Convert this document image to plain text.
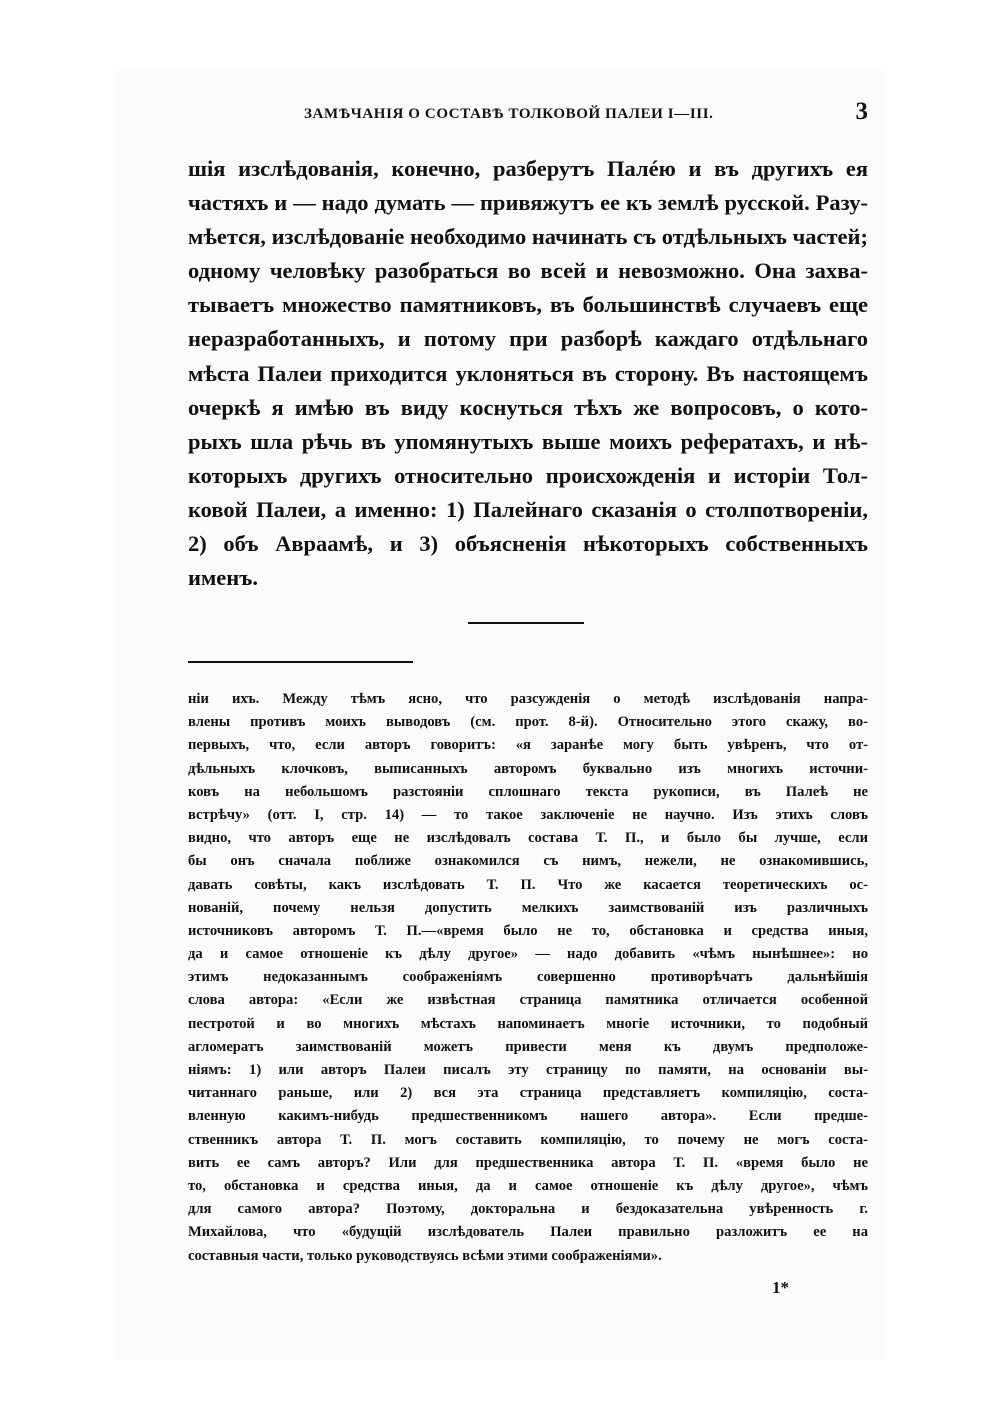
ЗАМѢЧАНІЯ О СОСТАВѢ ТОЛКОВОЙ ПАЛЕИ I—III.	3
шія изслѣдованія, конечно, разберутъ Палéю и въ другихъ ея
частяхъ и — надо думать — привяжутъ ее къ землѣ русской. Разу-
мѣется, изслѣдованіе необходимо начинать съ отдѣльныхъ частей;
одному человѣку разобраться во всей и невозможно. Она захва-
тываетъ множество памятниковъ, въ большинствѣ случаевъ еще
неразработанныхъ, и потому при разборѣ каждаго отдѣльнаго
мѣста Палеи приходится уклоняться въ сторону. Въ настоящемъ
очеркѣ я имѣю въ виду коснуться тѣхъ же вопросовъ, о кото-
рыхъ шла рѣчь въ упомянутыхъ выше моихъ рефератахъ, и нѣ-
которыхъ другихъ относительно происхожденія и исторіи Тол-
ковой Палеи, а именно: 1) Палейнаго сказанія о столпотвореніи,
2) объ Авраамѣ, и 3) объясненія нѣкоторыхъ собственныхъ
именъ.
ніи ихъ. Между тѣмъ ясно, что разсужденія о методѣ изслѣдованія напра-
влены противъ моихъ выводовъ (см. прот. 8-й). Относительно этого скажу, во-
первыхъ, что, если авторъ говоритъ: «я заранѣе могу быть увѣренъ, что от-
дѣльныхъ клочковъ, выписанныхъ авторомъ буквально изъ многихъ источни-
ковъ на небольшомъ разстояніи сплошнаго текста рукописи, въ Палеѣ не
встрѣчу» (отт. I, стр. 14) — то такое заключеніе не научно. Изъ этихъ словъ
видно, что авторъ еще не изслѣдовалъ состава Т. П., и было бы лучше, если
бы онъ сначала поближе ознакомился съ нимъ, нежели, не ознакомившись,
давать совѣты, какъ изслѣдовать Т. П. Что же касается теоретическихъ ос-
нованій, почему нельзя допустить мелкихъ заимствованій изъ различныхъ
источниковъ авторомъ Т. П.—«время было не то, обстановка и средства иныя,
да и самое отношеніе къ дѣлу другое» — надо добавить «чѣмъ нынѣшнее»: но
этимъ недоказаннымъ соображеніямъ совершенно противорѣчатъ дальнѣйшія
слова автора: «Если же извѣстная страница памятника отличается особенной
пестротой и во многихъ мѣстахъ напоминаетъ многіе источники, то подобный
агломератъ заимствованій можетъ привести меня къ двумъ предположе-
ніямъ: 1) или авторъ Палеи писалъ эту страницу по памяти, на основаніи вы-
читаннаго раньше, или 2) вся эта страница представляетъ компиляцію, соста-
вленную какимъ-нибудь предшественникомъ нашего автора». Если предше-
ственникъ автора Т. П. могъ составить компиляцію, то почему не могъ соста-
вить ее самъ авторъ? Или для предшественника автора Т. П. «время было не
то, обстановка и средства иныя, да и самое отношеніе къ дѣлу другое», чѣмъ
для самого автора? Поэтому, докторальна и бездоказательна увѣренность г.
Михайлова, что «будущій изслѣдователь Палеи правильно разложитъ ее на
составныя части, только руководствуясь всѣми этими соображеніями».
1*
